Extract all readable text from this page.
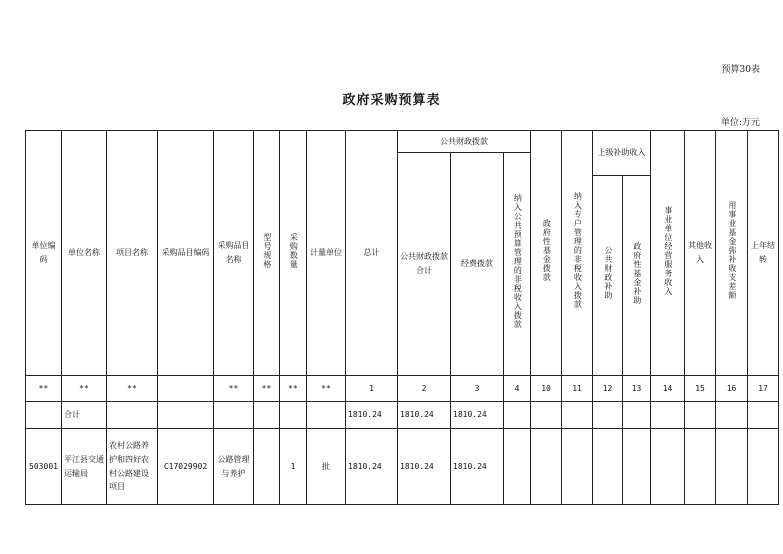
预算30表
政府采购预算表
单位:万元
单位编码	单位名称	项目名称	采购品目编码	采购品目名称	型号规格	采购数量	计量单位	总计	公共财政拨款			政府性基金拨款	纳入专户管理的非税收入拨款	上级补助收入		事业单位经营服务收入	其他收入	用事业基金弥补收支差额	上年结转
									公共财政拨款合计	经费拨款	纳入公共预算管理的非税收入拨款								
														公共财政补助	政府性基金补助				
**	**	**		**	**	**	**	1	2	3	4	10	11	12	13	14	15	16	17
	合计							1810.24	1810.24	1810.24									
503001	平江县交通运输局	农村公路养护和四好农村公路建设项目	C17029902	公路管理与养护		1	批	1810.24	1810.24	1810.24									
